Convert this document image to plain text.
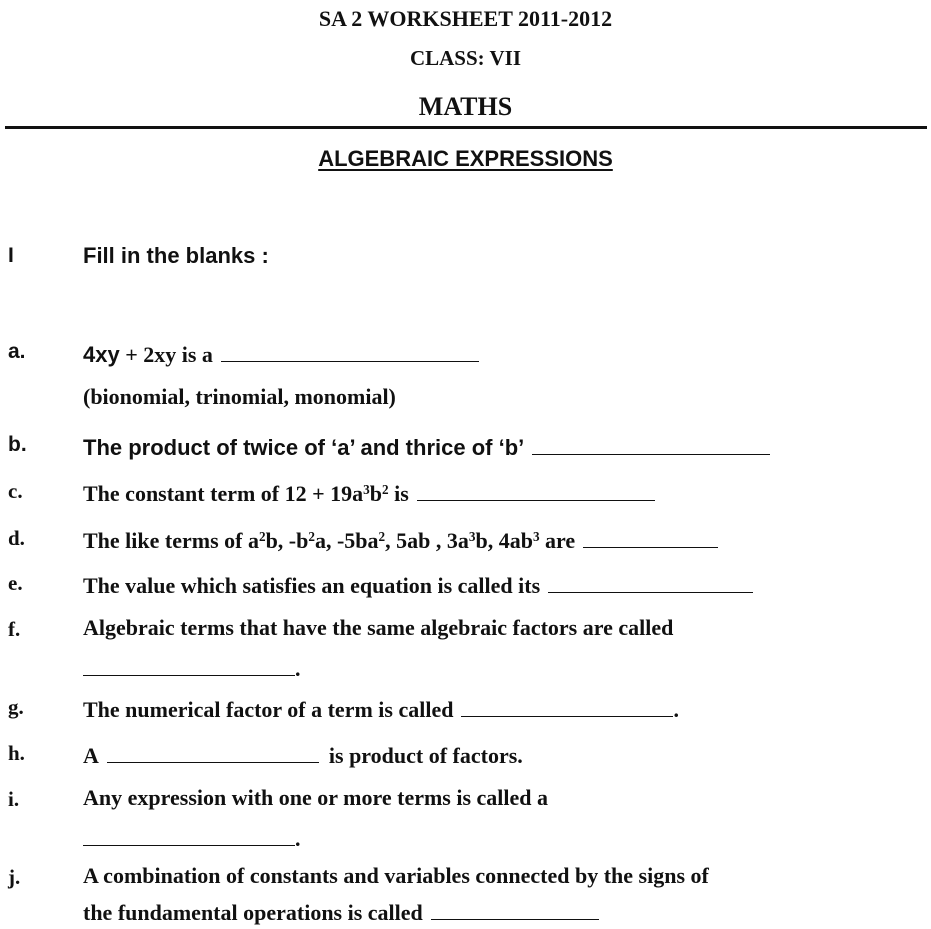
SA 2 WORKSHEET 2011-2012
CLASS: VII
MATHS
ALGEBRAIC EXPRESSIONS
I	Fill in the blanks :
a.	4xy + 2xy is a
(bionomial, trinomial, monomial)
b.	The product of twice of ‘a’ and thrice of ‘b’
c.	The constant term of $12 + 19a^3b^2$ is
d.	The like terms of $a^2b$, $-b^2a$, $-5ba^2$, 5ab , $3a^3b$, $4ab^3$ are
e.	The value which satisfies an equation is called its
f.	Algebraic terms that have the same algebraic factors are called
.
g.	The numerical factor of a term is called	.
h.	A	is product of factors.
i.	Any expression with one or more terms is called a
.
j.	A combination of constants and variables connected by the signs of
the fundamental operations is called
